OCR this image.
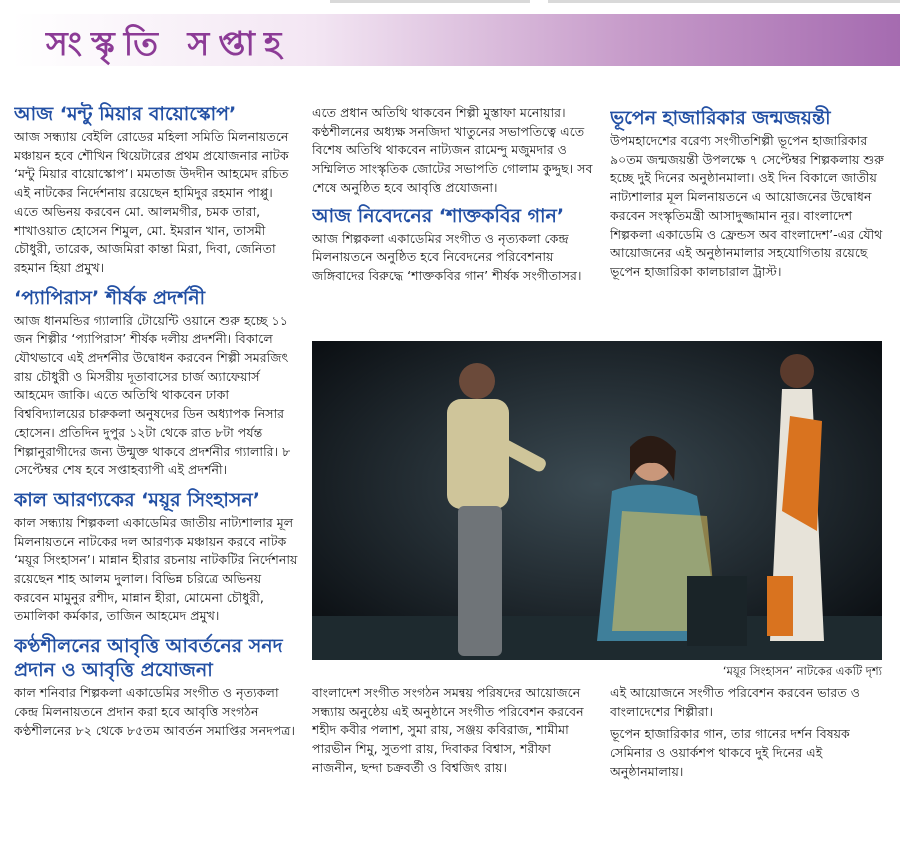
সংস্কৃতি সপ্তাহ
আজ ‘মন্টু মিয়ার বায়োস্কোপ’
আজ সন্ধ্যায় বেইলি রোডের মহিলা সমিতি মিলনায়তনে মঞ্চায়ন হবে শৌখিন থিয়েটারের প্রথম প্রযোজনার নাটক ‘মন্টু মিয়ার বায়োস্কোপ’। মমতাজ উদদীন আহমেদ রচিত এই নাটকের নির্দেশনায় রয়েছেন হামিদুর রহমান পাপ্পু। এতে অভিনয় করবেন মো. আলমগীর, চমক তারা, শাখাওয়াত হোসেন শিমুল, মো. ইমরান খান, তাসমী চৌধুরী, তারেক, আজমিরা কান্তা মিরা, দিবা, জেনিতা রহমান হিয়া প্রমুখ।
‘প্যাপিরাস’ শীর্ষক প্রদর্শনী
আজ ধানমন্ডির গ্যালারি টোয়েন্টি ওয়ানে শুরু হচ্ছে ১১ জন শিল্পীর ‘প্যাপিরাস’ শীর্ষক দলীয় প্রদর্শনী। বিকালে যৌথভাবে এই প্রদর্শনীর উদ্বোধন করবেন শিল্পী সমরজিৎ রায় চৌধুরী ও মিসরীয় দূতাবাসের চার্জ অ্যাফেয়ার্স আহমেদ জাকি। এতে অতিথি থাকবেন ঢাকা বিশ্ববিদ্যালয়ের চারুকলা অনুষদের ডিন অধ্যাপক নিসার হোসেন। প্রতিদিন দুপুর ১২টা থেকে রাত ৮টা পর্যন্ত শিল্পানুরাগীদের জন্য উন্মুক্ত থাকবে প্রদর্শনীর গ্যালারি। ৮ সেপ্টেম্বর শেষ হবে সপ্তাহব্যাপী এই প্রদর্শনী।
কাল আরণ্যকের ‘ময়ূর সিংহাসন’
কাল সন্ধ্যায় শিল্পকলা একাডেমির জাতীয় নাট্যশালার মূল মিলনায়তনে নাটকের দল আরণ্যক মঞ্চায়ন করবে নাটক ‘ময়ূর সিংহাসন’। মান্নান হীরার রচনায় নাটকটির নির্দেশনায় রয়েছেন শাহ আলম দুলাল। বিভিন্ন চরিত্রে অভিনয় করবেন মামুনুর রশীদ, মান্নান হীরা, মোমেনা চৌধুরী, তমালিকা কর্মকার, তাজিন আহমেদ প্রমুখ।
কণ্ঠশীলনের আবৃত্তি আবর্তনের সনদ প্রদান ও আবৃত্তি প্রযোজনা
কাল শনিবার শিল্পকলা একাডেমির সংগীত ও নৃত্যকলা কেন্দ্র মিলনায়তনে প্রদান করা হবে আবৃত্তি সংগঠন কণ্ঠশীলনের ৮২ থেকে ৮৫তম আবর্তন সমাপ্তির সনদপত্র।
এতে প্রধান অতিথি থাকবেন শিল্পী মুস্তাফা মনোয়ার। কণ্ঠশীলনের অধ্যক্ষ সনজিদা খাতুনের সভাপতিত্বে এতে বিশেষ অতিথি থাকবেন নাট্যজন রামেন্দু মজুমদার ও সম্মিলিত সাংস্কৃতিক জোটের সভাপতি গোলাম কুদ্দুছ। সব শেষে অনুষ্ঠিত হবে আবৃত্তি প্রযোজনা।
আজ নিবেদনের ‘শাক্তকবির গান’
আজ শিল্পকলা একাডেমির সংগীত ও নৃত্যকলা কেন্দ্র মিলনায়তনে অনুষ্ঠিত হবে নিবেদনের পরিবেশনায় জঙ্গিবাদের বিরুদ্ধে ‘শাক্তকবির গান’ শীর্ষক সংগীতাসর।
ভূপেন হাজারিকার জন্মজয়ন্তী
উপমহাদেশের বরেণ্য সংগীতশিল্পী ভূপেন হাজারিকার ৯০তম জন্মজয়ন্তী উপলক্ষে ৭ সেপ্টেম্বর শিল্পকলায় শুরু হচ্ছে দুই দিনের অনুষ্ঠানমালা। ওই দিন বিকালে জাতীয় নাট্যশালার মূল মিলনায়তনে এ আয়োজনের উদ্বোধন করবেন সংস্কৃতিমন্ত্রী আসাদুজ্জামান নূর। বাংলাদেশ শিল্পকলা একাডেমি ও ফ্রেন্ডস অব বাংলাদেশ’-এর যৌথ আয়োজনের এই অনুষ্ঠানমালার সহযোগিতায় রয়েছে ভূপেন হাজারিকা কালচারাল ট্রাস্ট।
‘ময়ূর সিংহাসন’ নাটকের একটি দৃশ্য
বাংলাদেশ সংগীত সংগঠন সমন্বয় পরিষদের আয়োজনে সন্ধ্যায় অনুষ্ঠেয় এই অনুষ্ঠানে সংগীত পরিবেশন করবেন শহীদ কবীর পলাশ, সুমা রায়, সঞ্জয় কবিরাজ, শামীমা পারভীন শিমু, সুতপা রায়, দিবাকর বিশ্বাস, শরীফা নাজনীন, ছন্দা চক্রবর্তী ও বিশ্বজিৎ রায়।
এই আয়োজনে সংগীত পরিবেশন করবেন ভারত ও বাংলাদেশের শিল্পীরা।
ভূপেন হাজারিকার গান, তার গানের দর্শন বিষয়ক সেমিনার ও ওয়ার্কশপ থাকবে দুই দিনের এই অনুষ্ঠানমালায়।
